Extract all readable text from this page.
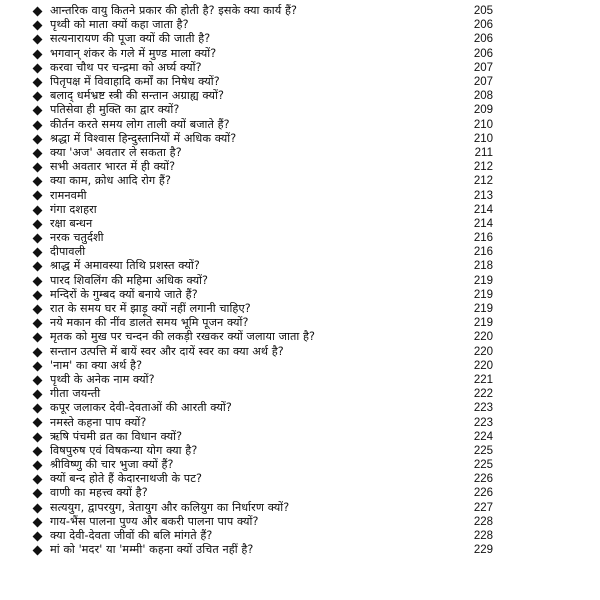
आन्तरिक वायु कितने प्रकार की होती है? इसके क्या कार्य हैं?	205
पृथ्वी को माता क्यों कहा जाता है?	206
सत्यनारायण की पूजा क्यों की जाती है?	206
भगवान् शंकर के गले में मुण्ड माला क्यों?	206
करवा चौथ पर चन्द्रमा को अर्घ्य क्यों?	207
पितृपक्ष में विवाहादि कर्मों का निषेध क्यों?	207
बलाद् धर्मभ्रष्ट स्त्री की सन्तान अग्राह्य क्यों?	208
पतिसेवा ही मुक्ति का द्वार क्यों?	209
कीर्तन करते समय लोग ताली क्यों बजाते हैं?	210
श्रद्धा में विश्वास हिन्दुस्तानियों में अधिक क्यों?	210
क्या 'अज' अवतार ले सकता है?	211
सभी अवतार भारत में ही क्यों?	212
क्या काम, क्रोध आदि रोग हैं?	212
रामनवमी	213
गंगा दशहरा	214
रक्षा बन्धन	214
नरक चतुर्दशी	216
दीपावली	216
श्राद्ध में अमावस्या तिथि प्रशस्त क्यों?	218
पारद शिवलिंग की महिमा अधिक क्यों?	219
मन्दिरों के गुम्बद क्यों बनाये जाते हैं?	219
रात के समय घर में झाड़ू क्यों नहीं लगानी चाहिए?	219
नये मकान की नींव डालते समय भूमि पूजन क्यों?	219
मृतक को मुख पर चन्दन की लकड़ी रखकर क्यों जलाया जाता है?	220
सन्तान उत्पत्ति में बायें स्वर और दायें स्वर का क्या अर्थ है?	220
'नाम' का क्या अर्थ है?	220
पृथ्वी के अनेक नाम क्यों?	221
गीता जयन्ती	222
कपूर जलाकर देवी-देवताओं की आरती क्यों?	223
नमस्ते कहना पाप क्यों?	223
ऋषि पंचमी व्रत का विधान क्यों?	224
विषपुरुष एवं विषकन्या योग क्या है?	225
श्रीविष्णु की चार भुजा क्यों हैं?	225
क्यों बन्द होते हैं केदारनाथजी के पट?	226
वाणी का महत्त्व क्यों है?	226
सत्ययुग, द्वापरयुग, त्रेतायुग और कलियुग का निर्धारण क्यों?	227
गाय-भैंस पालना पुण्य और बकरी पालना पाप क्यों?	228
क्या देवी-देवता जीवों की बलि मांगते हैं?	228
मां को 'मदर' या 'मम्मी' कहना क्यों उचित नहीं है?	229
